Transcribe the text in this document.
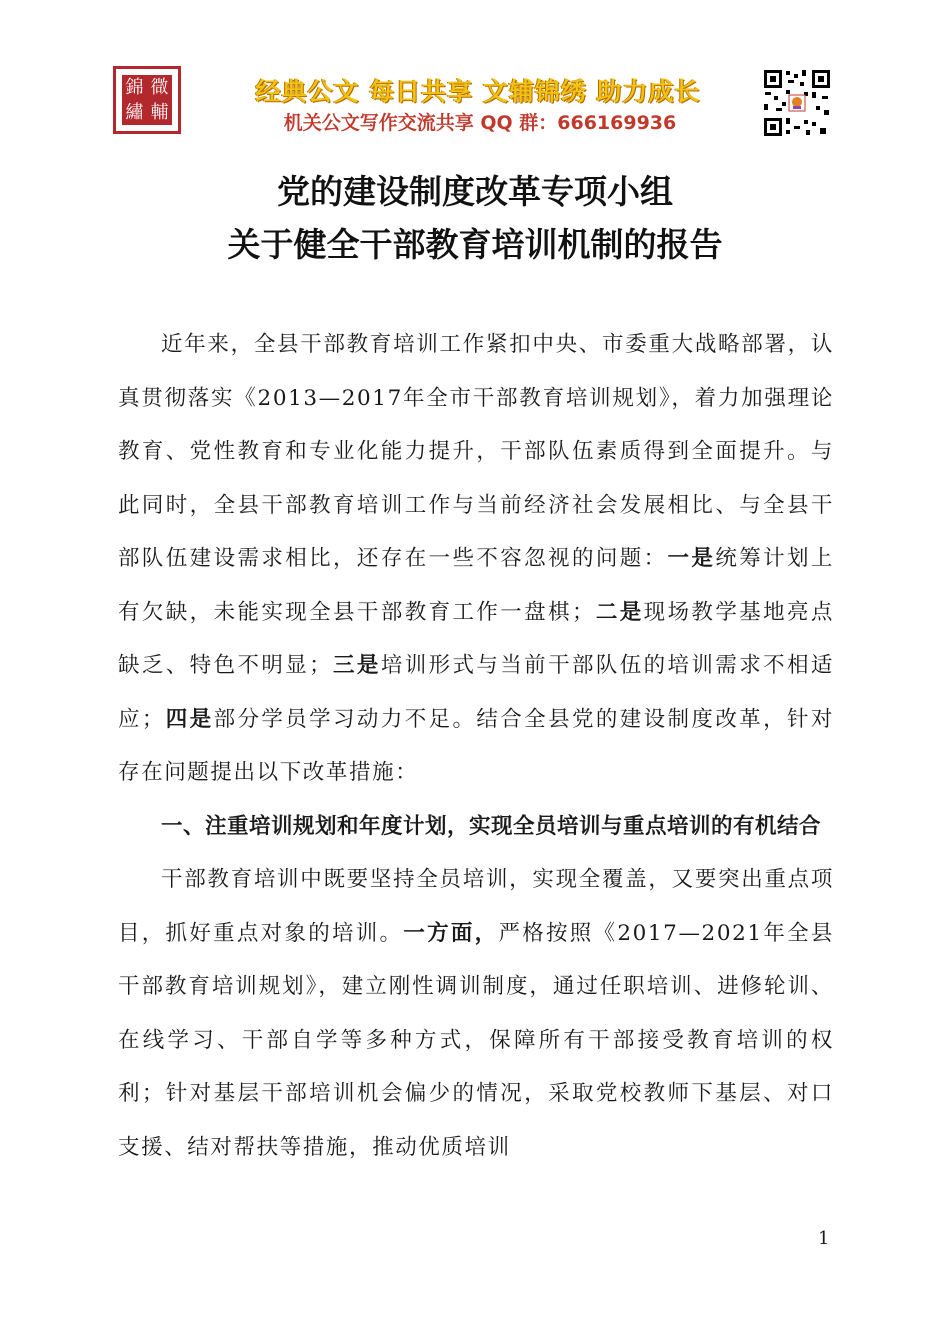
錦 㣲
繡 輔
经典公文 每日共享 文辅锦绣 助力成长
机关公文写作交流共享 QQ 群：666169936
党的建设制度改革专项小组
关于健全干部教育培训机制的报告

近年来，全县干部教育培训工作紧扣中央、市委重大战略部署，认真贯彻落实《2013—2017年全市干部教育培训规划》，着力加强理论教育、党性教育和专业化能力提升，干部队伍素质得到全面提升。与此同时，全县干部教育培训工作与当前经济社会发展相比、与全县干部队伍建设需求相比，还存在一些不容忽视的问题：一是统筹计划上有欠缺，未能实现全县干部教育工作一盘棋；二是现场教学基地亮点缺乏、特色不明显；三是培训形式与当前干部队伍的培训需求不相适应；四是部分学员学习动力不足。结合全县党的建设制度改革，针对存在问题提出以下改革措施：

一、注重培训规划和年度计划，实现全员培训与重点培训的有机结合

干部教育培训中既要坚持全员培训，实现全覆盖，又要突出重点项目，抓好重点对象的培训。一方面，严格按照《2017—2021年全县干部教育培训规划》，建立刚性调训制度，通过任职培训、进修轮训、在线学习、干部自学等多种方式，保障所有干部接受教育培训的权利；针对基层干部培训机会偏少的情况，采取党校教师下基层、对口支援、结对帮扶等措施，推动优质培训

1
